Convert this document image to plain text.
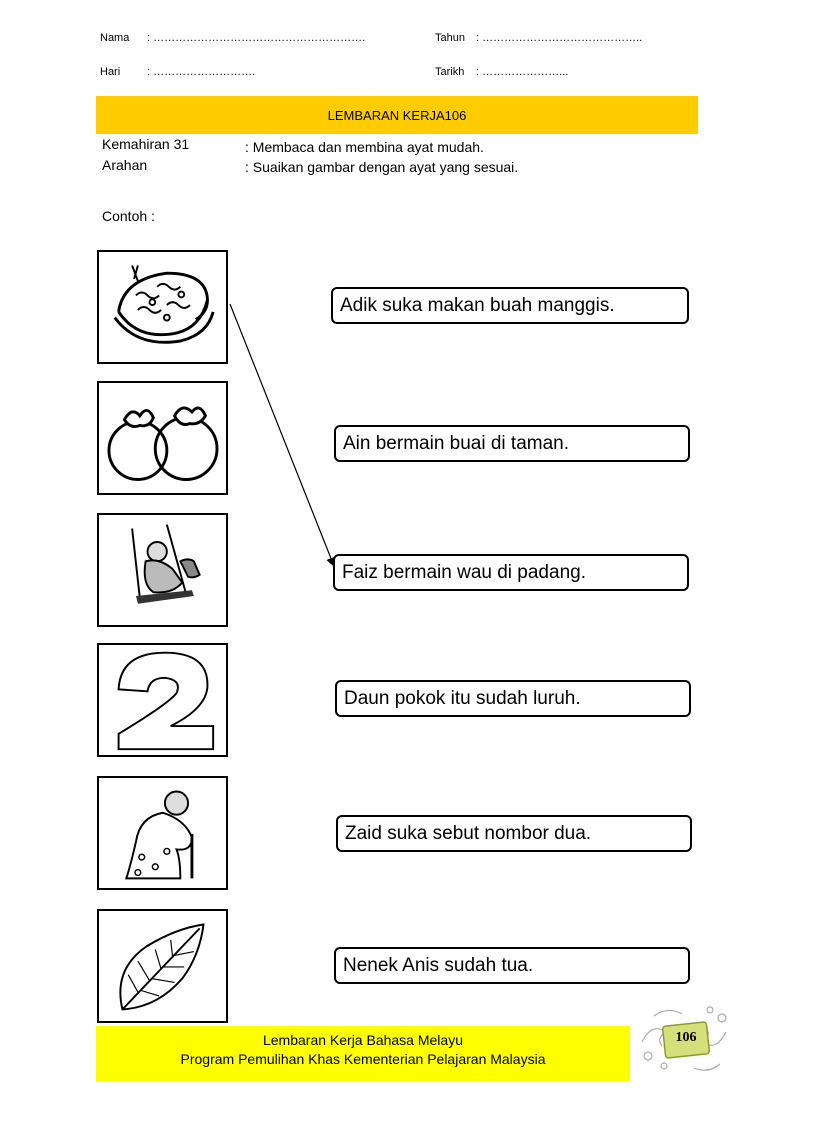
Nama : ………………………………………………….	Tahun : ……………………………………..
Hari : ……………………….	Tarikh : …………………...
LEMBARAN KERJA106
Kemahiran 31	: Membaca dan membina ayat mudah.
Arahan	: Suaikan gambar dengan ayat yang sesuai.
Contoh :
Adik suka makan buah manggis.
Ain bermain buai di taman.
Faiz bermain wau di padang.
Daun pokok itu sudah luruh.
Zaid suka sebut nombor dua.
Nenek Anis sudah tua.
Lembaran Kerja Bahasa Melayu
Program Pemulihan Khas Kementerian Pelajaran Malaysia
106
